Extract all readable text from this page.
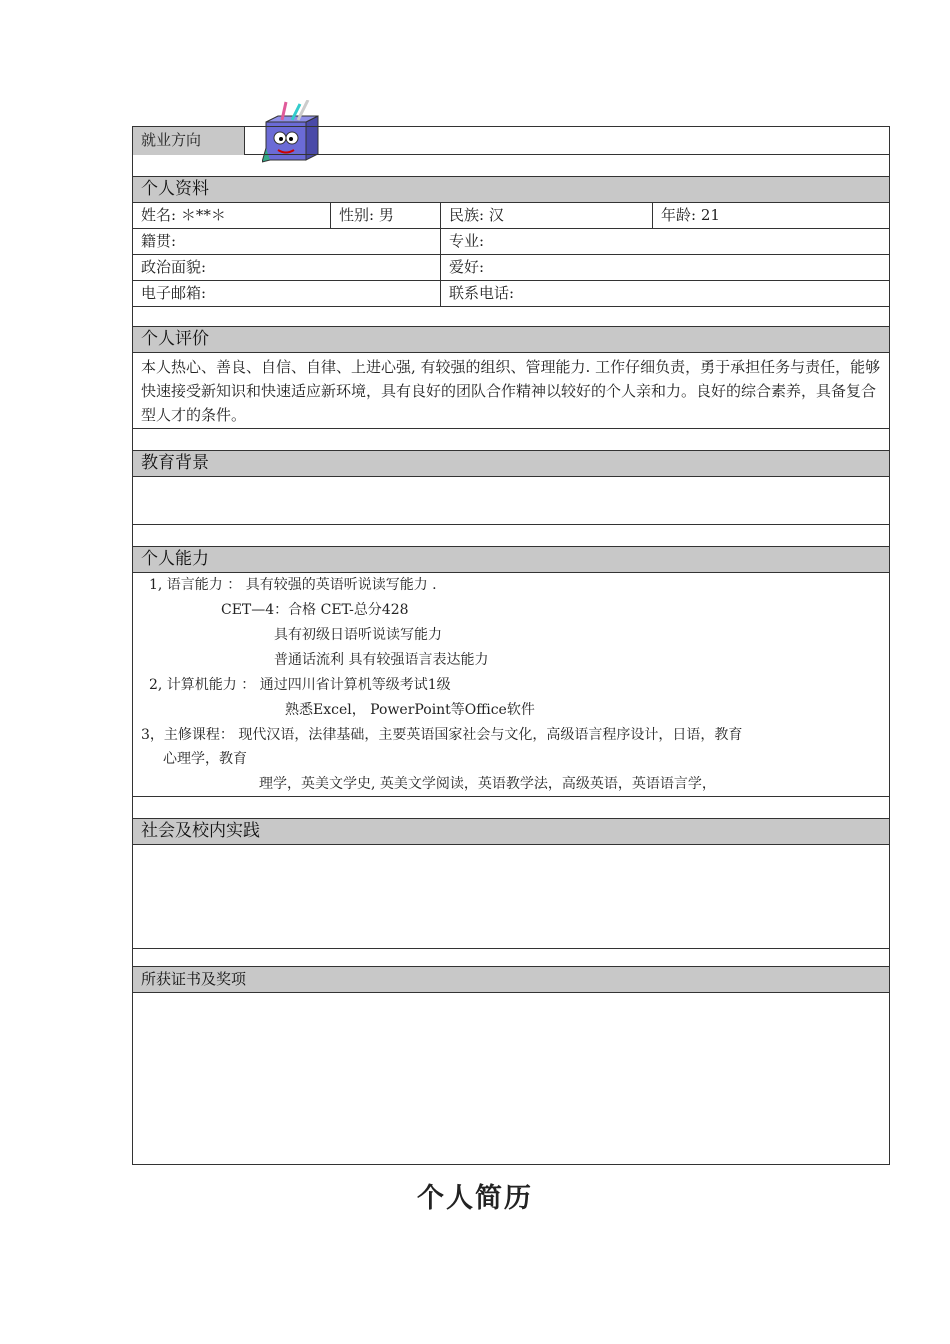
就业方向
个人资料
姓名: ＊**＊	性别: 男	民族: 汉	年龄: 21
籍贯:	专业:
政治面貌:	爱好:
电子邮箱:	联系电话:
个人评价
本人热心、善良、自信、自律、上进心强, 有较强的组织、管理能力. 工作仔细负责，勇于承担任务与责任，能够快速接受新知识和快速适应新环境，具有良好的团队合作精神以较好的个人亲和力。良好的综合素养，具备复合型人才的条件。
教育背景
个人能力
1, 语言能力 ： 具有较强的英语听说读写能力 .
CET—4：合格 CET-总分428
具有初级日语听说读写能力
普通话流利 具有较强语言表达能力
2, 计算机能力 ： 通过四川省计算机等级考试1级
熟悉Excel， PowerPoint等Office软件
3，主修课程： 现代汉语，法律基础，主要英语国家社会与文化，高级语言程序设计，日语，教育
心理学，教育
理学，英美文学史, 英美文学阅读，英语教学法，高级英语，英语语言学，
社会及校内实践
所获证书及奖项
个人简历
